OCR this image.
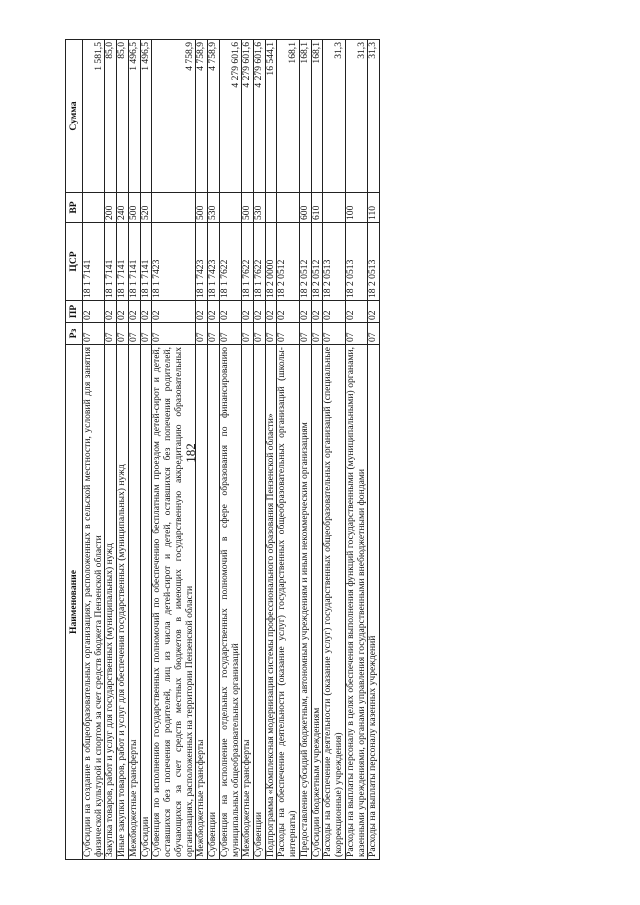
182
Наименование	Рз	ПР	ЦСР	ВР	Сумма
Субсидии на создание в общеобразовательных организациях, расположенных в сельской местности, условий для занятия физической культурой и спортом за счет средств бюджета Пензенской области	07	02	18 1 7141		1 581,5
Закупка товаров, работ и услуг для государственных (муниципальных) нужд	07	02	18 1 7141	200	85,0
Иные закупки товаров, работ и услуг для обеспечения государственных (муниципальных) нужд	07	02	18 1 7141	240	85,0
Межбюджетные трансферты	07	02	18 1 7141	500	1 496,5
Субсидии	07	02	18 1 7141	520	1 496,5
Субвенция по исполнению государственных полномочий по обеспечению бесплатным проездом детей-сирот и детей, оставшихся без попечения родителей, лиц из числа детей-сирот и детей, оставшихся без попечения родителей, обучающихся за счет средств местных бюджетов в имеющих государственную аккредитацию образовательных организациях, расположенных на территории Пензенской области	07	02	18 1 7423		4 758,9
Межбюджетные трансферты	07	02	18 1 7423	500	4 758,9
Субвенции	07	02	18 1 7423	530	4 758,9
Субвенция на исполнение отдельных государственных полномочий в сфере образования по финансированию муниципальных общеобразовательных организаций	07	02	18 1 7622		4 279 601,6
Межбюджетные трансферты	07	02	18 1 7622	500	4 279 601,6
Субвенции	07	02	18 1 7622	530	4 279 601,6
Подпрограмма «Комплексная модернизация системы профессионального образования Пензенской области»	07	02	18 2 0000		16 544,1
Расходы на обеспечение деятельности (оказание услуг) государственных общеобразовательных организаций (школы-интернаты)	07	02	18 2 0512		168,1
Предоставление субсидий бюджетным, автономным учреждениям и иным некоммерческим организациям	07	02	18 2 0512	600	168,1
Субсидии бюджетным учреждениям	07	02	18 2 0512	610	168,1
Расходы на обеспечение деятельности (оказание услуг) государственных общеобразовательных организаций (специальные (коррекционные) учреждения)	07	02	18 2 0513		31,3
Расходы на выплаты персоналу в целях обеспечения выполнения функций государственными (муниципальными) органами, казенными учреждениями, органами управления государственными внебюджетными фондами	07	02	18 2 0513	100	31,3
Расходы на выплаты персоналу казенных учреждений	07	02	18 2 0513	110	31,3
